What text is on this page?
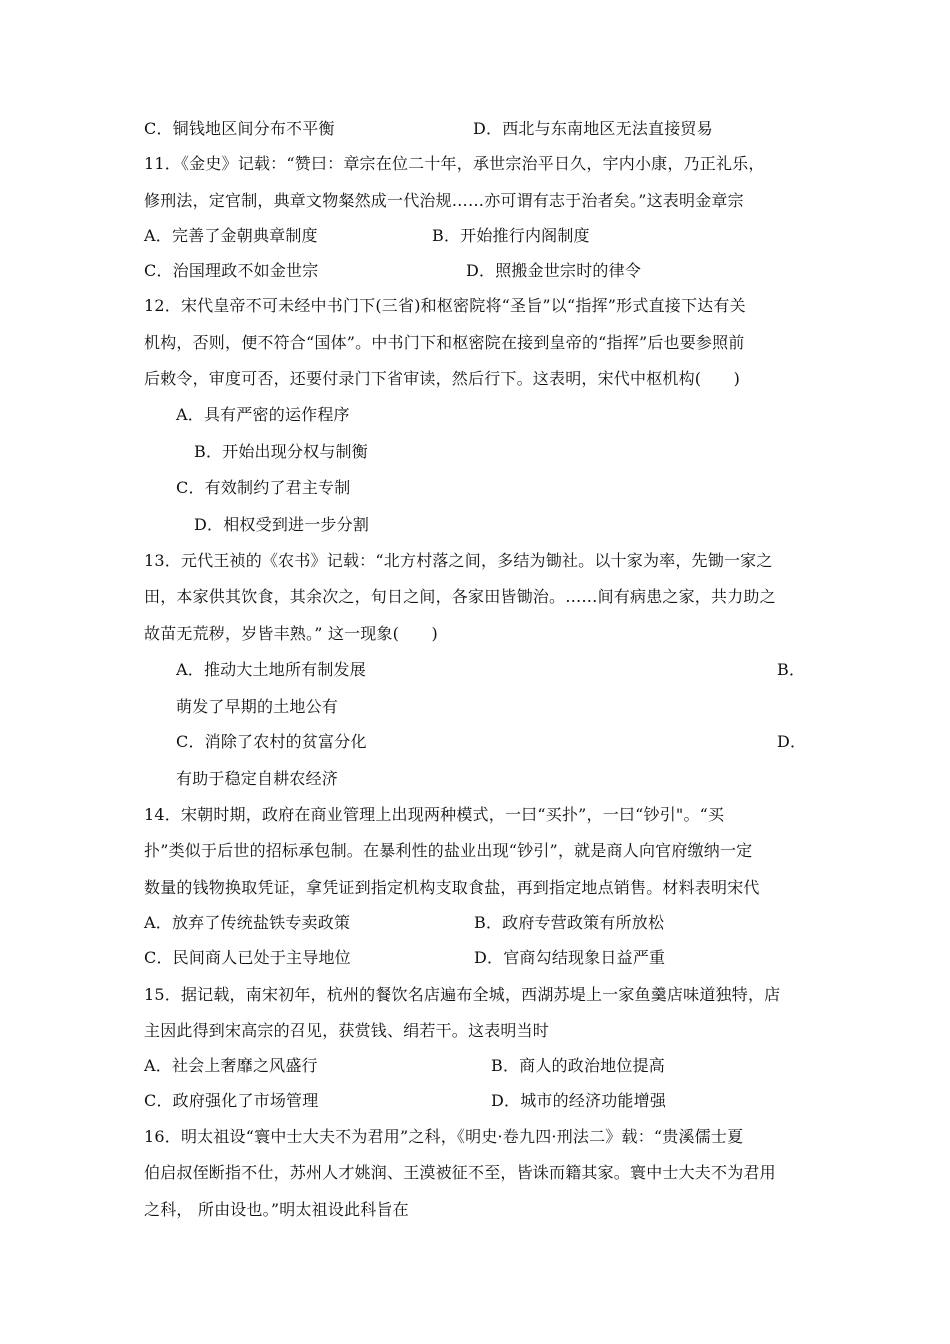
C．铜钱地区间分布不平衡	D．西北与东南地区无法直接贸易
11．《金史》记载：“赞曰：章宗在位二十年，承世宗治平日久，宇内小康，乃正礼乐，
修刑法，定官制，典章文物粲然成一代治规……亦可谓有志于治者矣。”这表明金章宗
A．完善了金朝典章制度	B．开始推行内阁制度
C．治国理政不如金世宗	D．照搬金世宗时的律令
12．宋代皇帝不可未经中书门下(三省)和枢密院将“圣旨”以“指挥”形式直接下达有关
机构，否则，便不符合“国体”。中书门下和枢密院在接到皇帝的“指挥”后也要参照前
后敕令，审度可否，还要付录门下省审读，然后行下。这表明，宋代中枢机构(　　)
A．具有严密的运作程序
B．开始出现分权与制衡
C．有效制约了君主专制
D．相权受到进一步分割
13．元代王祯的《农书》记载：“北方村落之间，多结为锄社。以十家为率，先锄一家之
田，本家供其饮食，其余次之，旬日之间，各家田皆锄治。……间有病患之家，共力助之
故苗无荒秽，岁皆丰熟。” 这一现象(　　)
A．推动大土地所有制发展	B．
萌发了早期的土地公有
C．消除了农村的贫富分化	D．
有助于稳定自耕农经济
14．宋朝时期，政府在商业管理上出现两种模式，一曰“买扑”，一曰“钞引"。“买
扑”类似于后世的招标承包制。在暴利性的盐业出现“钞引”，就是商人向官府缴纳一定
数量的钱物换取凭证，拿凭证到指定机构支取食盐，再到指定地点销售。材料表明宋代
A．放弃了传统盐铁专卖政策	B．政府专营政策有所放松
C．民间商人已处于主导地位	D．官商勾结现象日益严重
15．据记载，南宋初年，杭州的餐饮名店遍布全城，西湖苏堤上一家鱼羹店味道独特，店
主因此得到宋高宗的召见，获赏钱、绢若干。这表明当时
A．社会上奢靡之风盛行	B．商人的政治地位提高
C．政府强化了市场管理	D．城市的经济功能增强
16．明太祖设“寰中士大夫不为君用”之科，《明史·卷九四·刑法二》载：“贵溪儒士夏
伯启叔侄断指不仕，苏州人才姚润、王漠被征不至，皆诛而籍其家。寰中士大夫不为君用
之科， 所由设也。”明太祖设此科旨在
